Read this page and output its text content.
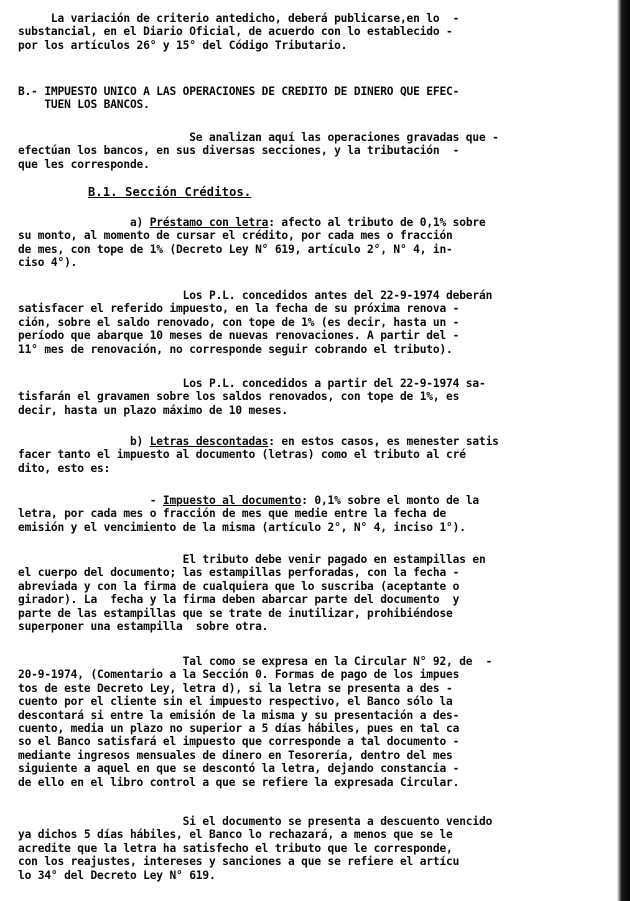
La variación de criterio antedicho, deberá publicarse,en lo  -
substancial, en el Diario Oficial, de acuerdo con lo establecido -
por los artículos 26° y 15° del Código Tributario.
B.- IMPUESTO UNICO A LAS OPERACIONES DE CREDITO DE DINERO QUE EFEC-
TUEN LOS BANCOS.
Se analizan aquí las operaciones gravadas que -
efectúan los bancos, en sus diversas secciones, y la tributación  -
que les corresponde.
B.1. Sección Créditos.
a) Préstamo con letra: afecto al tributo de 0,1% sobre
su monto, al momento de cursar el crédito, por cada mes o fracción
de mes, con tope de 1% (Decreto Ley N° 619, artículo 2°, N° 4, in-
ciso 4°).
Los P.L. concedidos antes del 22-9-1974 deberán
satisfacer el referido impuesto, en la fecha de su próxima renova -
ción, sobre el saldo renovado, con tope de 1% (es decir, hasta un -
período que abarque 10 meses de nuevas renovaciones. A partir del -
11° mes de renovación, no corresponde seguir cobrando el tributo).
Los P.L. concedidos a partir del 22-9-1974 sa-
tisfarán el gravamen sobre los saldos renovados, con tope de 1%, es
decir, hasta un plazo máximo de 10 meses.
b) Letras descontadas: en estos casos, es menester satis
facer tanto el impuesto al documento (letras) como el tributo al cré
dito, esto es:
- Impuesto al documento: 0,1% sobre el monto de la
letra, por cada mes o fracción de mes que medie entre la fecha de
emisión y el vencimiento de la misma (artículo 2°, N° 4, inciso 1°).
El tributo debe venir pagado en estampillas en
el cuerpo del documento; las estampillas perforadas, con la fecha -
abreviada y con la firma de cualquiera que lo suscriba (aceptante o
girador). La  fecha y la firma deben abarcar parte del documento  y
parte de las estampillas que se trate de inutilizar, prohibiéndose
superponer una estampilla  sobre otra.
Tal como se expresa en la Circular N° 92, de  -
20-9-1974, (Comentario a la Sección 0. Formas de pago de los impues
tos de este Decreto Ley, letra d), si la letra se presenta a des -
cuento por el cliente sin el impuesto respectivo, el Banco sólo la
descontará si entre la emisión de la misma y su presentación a des-
cuento, media un plazo no superior a 5 días hábiles, pues en tal ca
so el Banco satisfará el impuesto que corresponde a tal documento -
mediante ingresos mensuales de dinero en Tesorería, dentro del mes
siguiente a aquel en que se descontó la letra, dejando constancia -
de ello en el libro control a que se refiere la expresada Circular.
Si el documento se presenta a descuento vencido
ya dichos 5 días hábiles, el Banco lo rechazará, a menos que se le
acredite que la letra ha satisfecho el tributo que le corresponde,
con los reajustes, intereses y sanciones a que se refiere el artícu
lo 34° del Decreto Ley N° 619.
